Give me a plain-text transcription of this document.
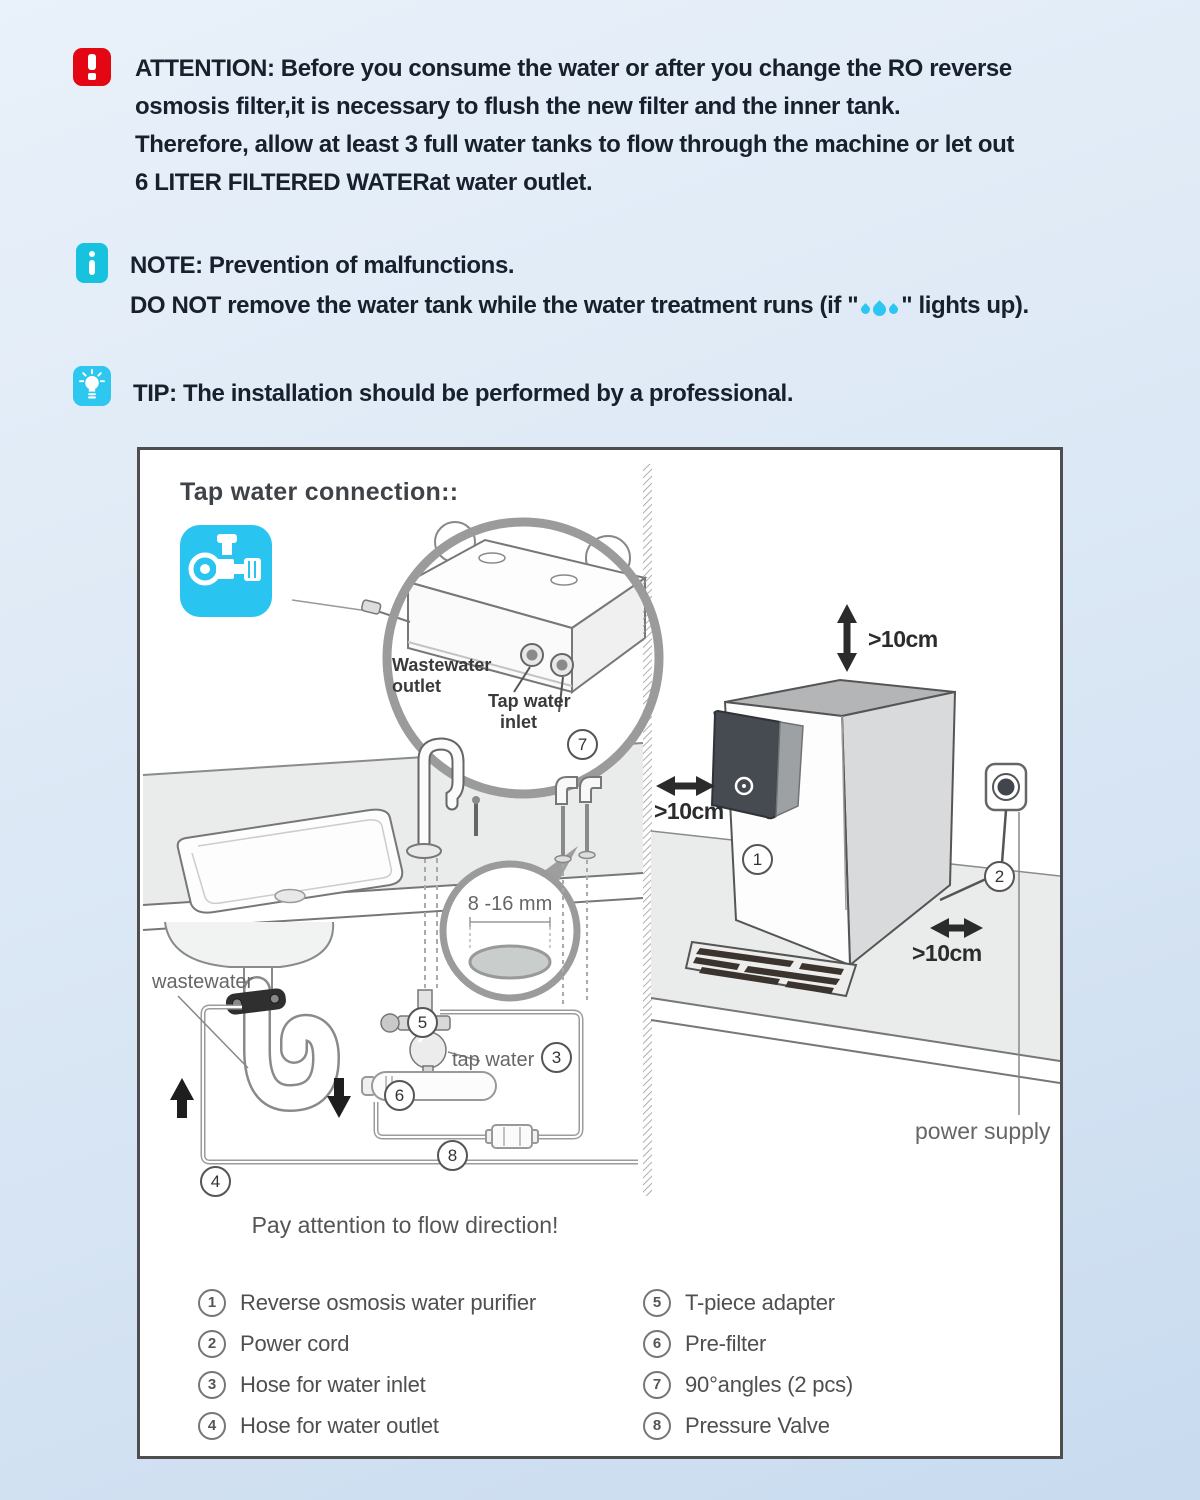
ATTENTION: Before you consume the water or after you change the RO reverse
osmosis filter,it is necessary to flush the new filter and the inner tank.
Therefore, allow at least 3 full water tanks to flow through the machine or let out
6 LITER FILTERED WATERat water outlet.
NOTE: Prevention of malfunctions.
DO NOT remove the water tank while the water treatment runs (if " " lights up).
TIP: The installation should be performed by a professional.
Tap water connection::
Wastewater
outlet
Tap water
inlet
8 -16 mm
wastewater
tap water
power supply
Pay attention to flow direction!
>10cm
>10cm
>10cm
1
2
3
4
5
6
7
8
1	Reverse osmosis water purifier
2	Power cord
3	Hose for water inlet
4	Hose for water outlet
5	T-piece adapter
6	Pre-filter
7	90°angles (2 pcs)
8	Pressure Valve
